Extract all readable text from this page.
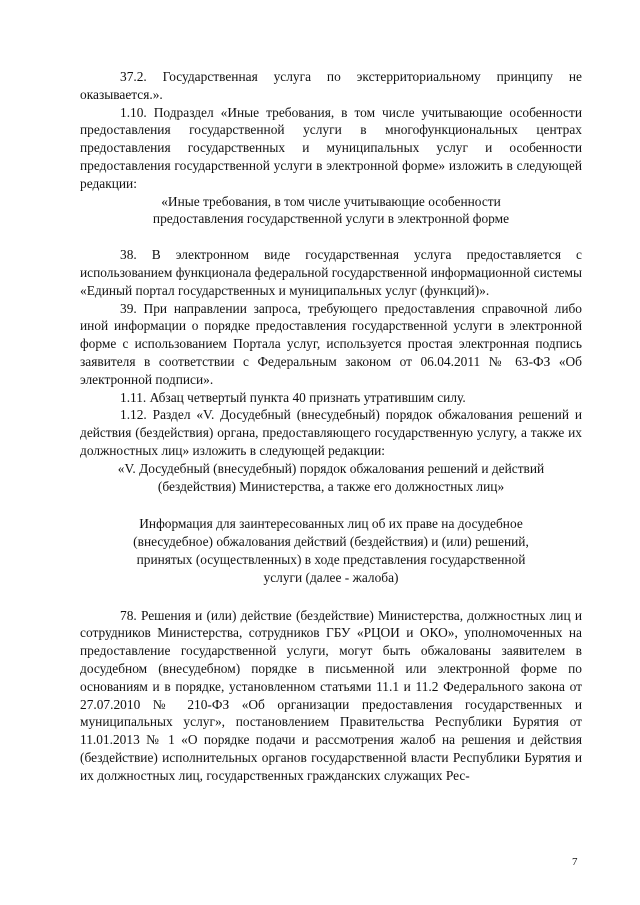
37.2. Государственная услуга по экстерриториальному принципу не оказывается.».

1.10. Подраздел «Иные требования, в том числе учитывающие особенности предоставления государственной услуги в многофункциональных центрах предоставления государственных и муниципальных услуг и особенности предоставления государственной услуги в электронной форме» изложить в следующей редакции:

«Иные требования, в том числе учитывающие особенности предоставления государственной услуги в электронной форме

38. В электронном виде государственная услуга предоставляется с использованием функционала федеральной государственной информационной системы «Единый портал государственных и муниципальных услуг (функций)».

39. При направлении запроса, требующего предоставления справочной либо иной информации о порядке предоставления государственной услуги в электронной форме с использованием Портала услуг, используется простая электронная подпись заявителя в соответствии с Федеральным законом от 06.04.2011 № 63-ФЗ «Об электронной подписи».

1.11. Абзац четвертый пункта 40 признать утратившим силу.

1.12. Раздел «V. Досудебный (внесудебный) порядок обжалования решений и действия (бездействия) органа, предоставляющего государственную услугу, а также их должностных лиц» изложить в следующей редакции:

«V. Досудебный (внесудебный) порядок обжалования решений и действий (бездействия) Министерства, а также его должностных лиц»

Информация для заинтересованных лиц об их праве на досудебное (внесудебное) обжалования действий (бездействия) и (или) решений, принятых (осуществленных) в ходе представления государственной услуги (далее - жалоба)

78. Решения и (или) действие (бездействие) Министерства, должностных лиц и сотрудников Министерства, сотрудников ГБУ «РЦОИ и ОКО», уполномоченных на предоставление государственной услуги, могут быть обжалованы заявителем в досудебном (внесудебном) порядке в письменной или электронной форме по основаниям и в порядке, установленном статьями 11.1 и 11.2 Федерального закона от 27.07.2010 № 210-ФЗ «Об организации предоставления государственных и муниципальных услуг», постановлением Правительства Республики Бурятия от 11.01.2013 № 1 «О порядке подачи и рассмотрения жалоб на решения и действия (бездействие) исполнительных органов государственной власти Республики Бурятия и их должностных лиц, государственных гражданских служащих Рес-

7
